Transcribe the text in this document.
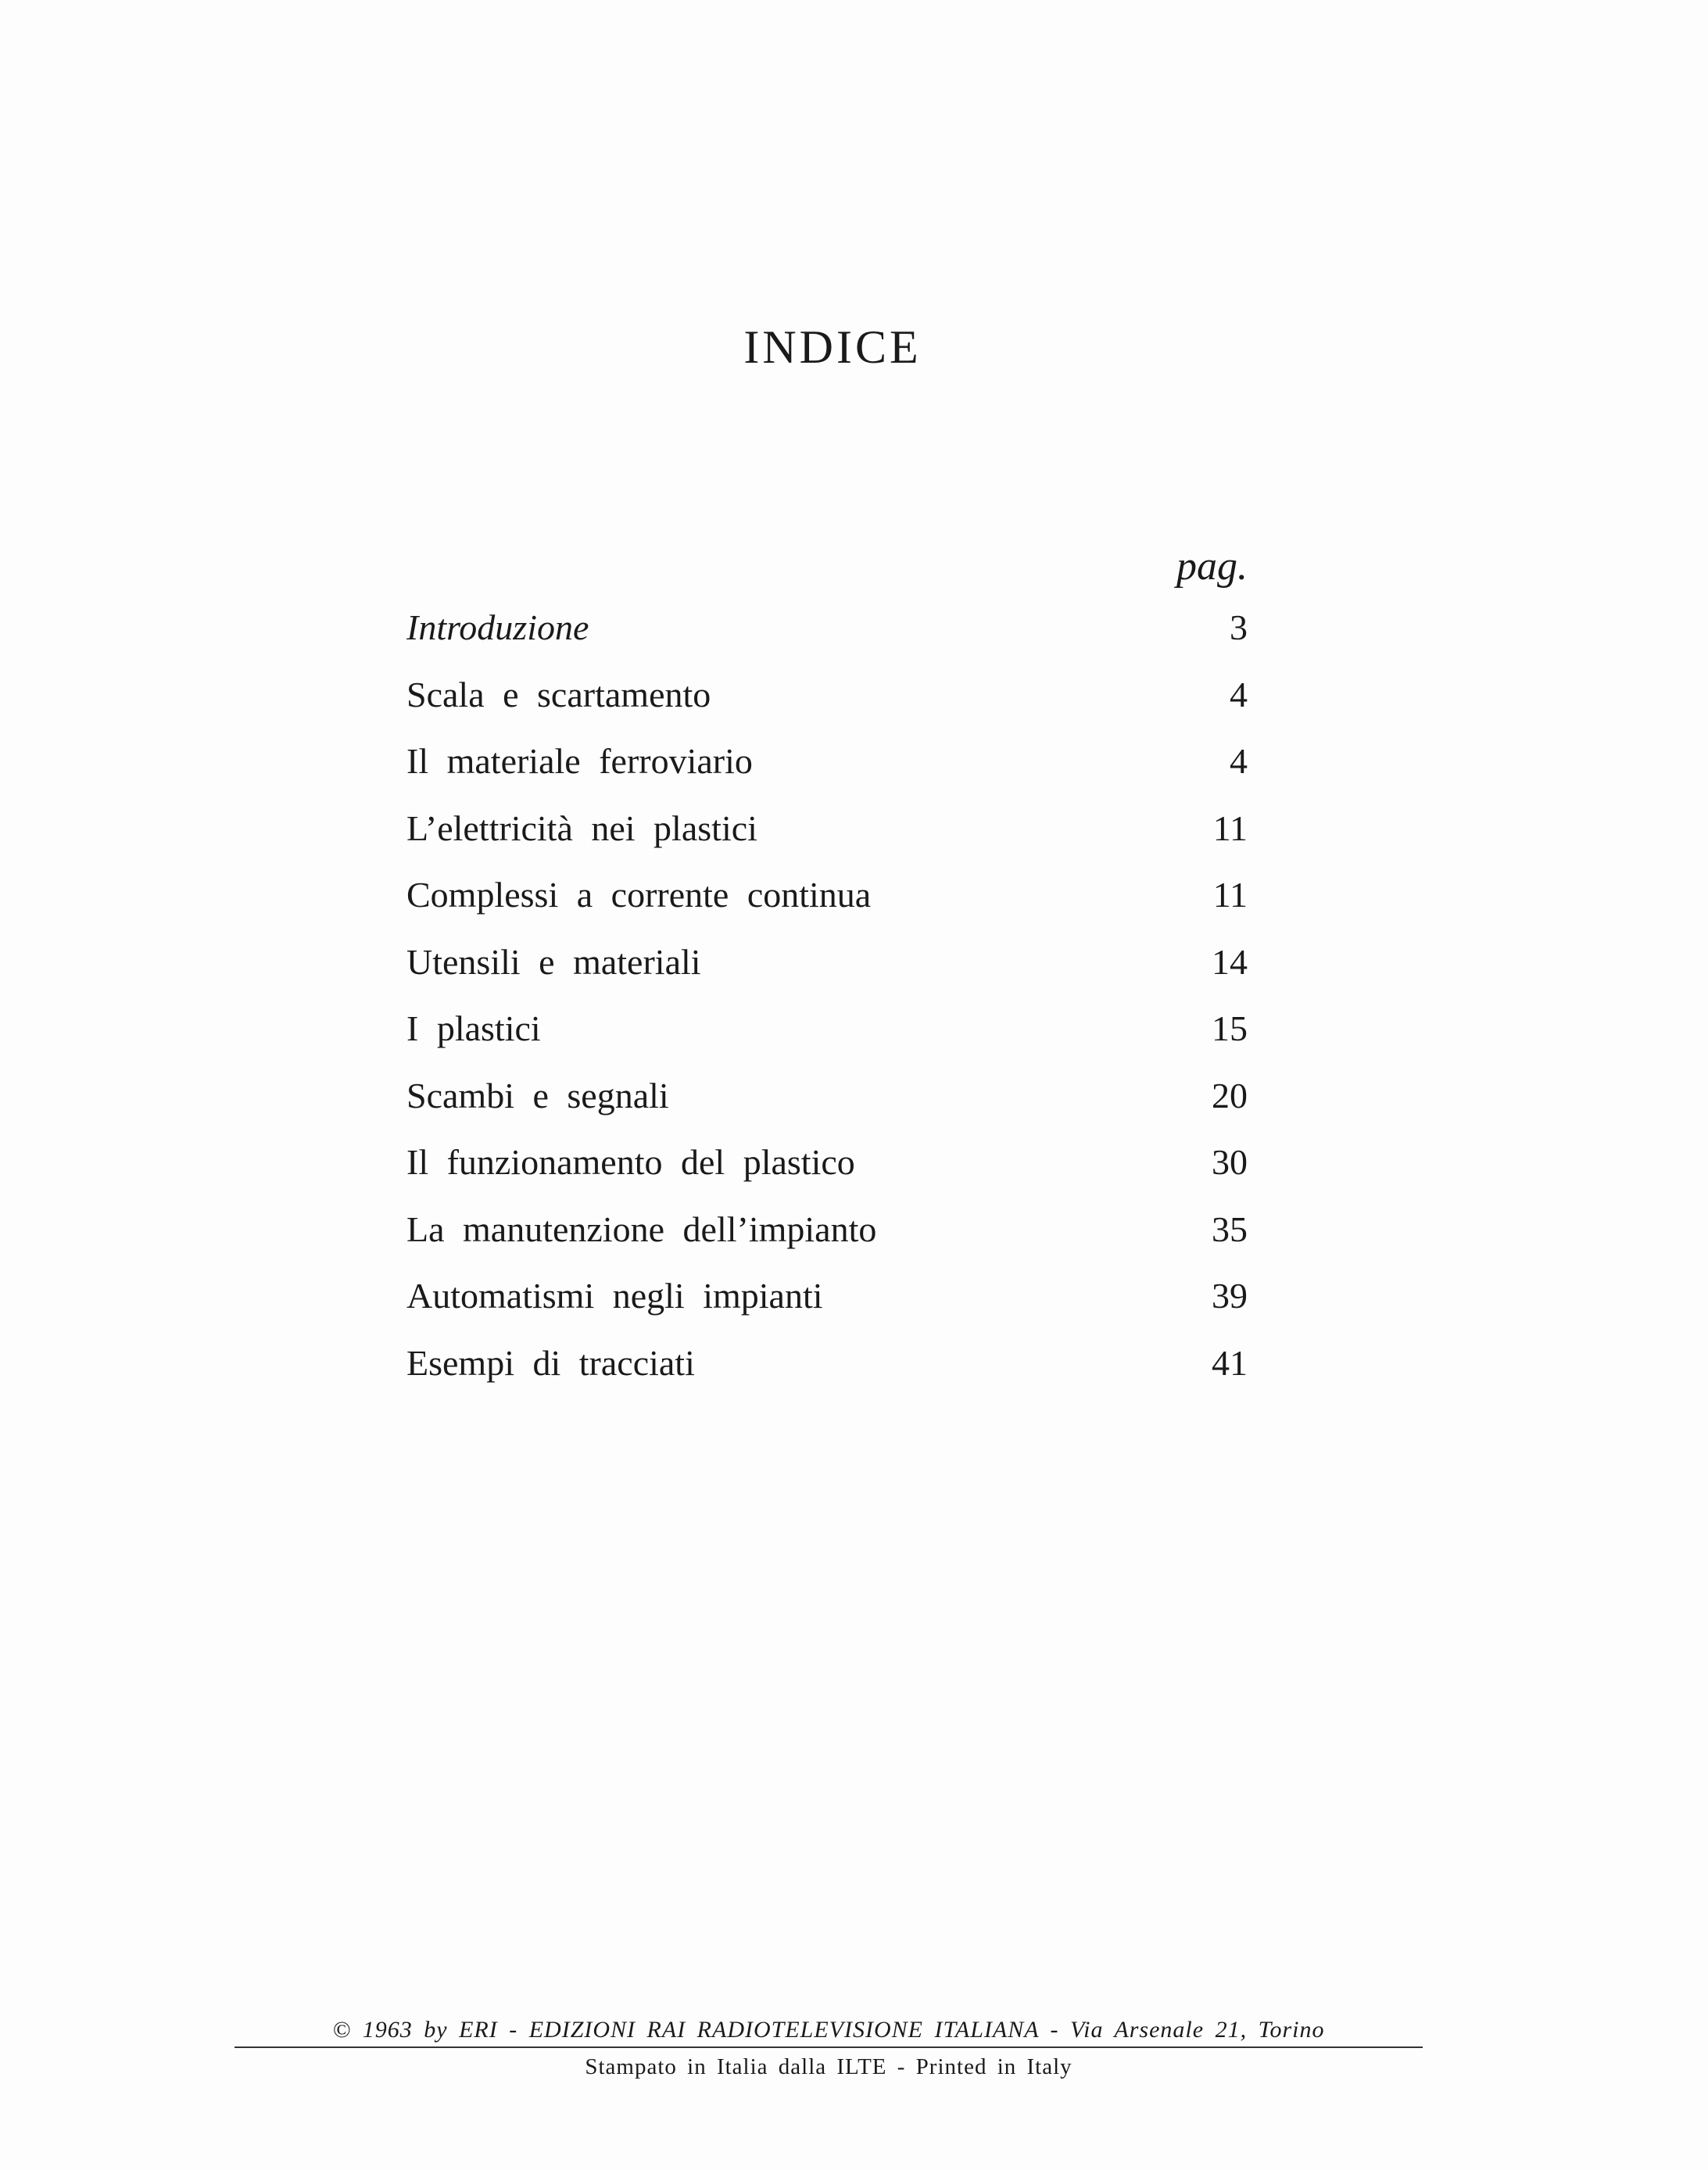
INDICE
pag.
Introduzione	3
Scala e scartamento	4
Il materiale ferroviario	4
L’elettricità nei plastici	11
Complessi a corrente continua	11
Utensili e materiali	14
I plastici	15
Scambi e segnali	20
Il funzionamento del plastico	30
La manutenzione dell’impianto	35
Automatismi negli impianti	39
Esempi di tracciati	41
© 1963 by ERI - EDIZIONI RAI RADIOTELEVISIONE ITALIANA - Via Arsenale 21, Torino
Stampato in Italia dalla ILTE - Printed in Italy
